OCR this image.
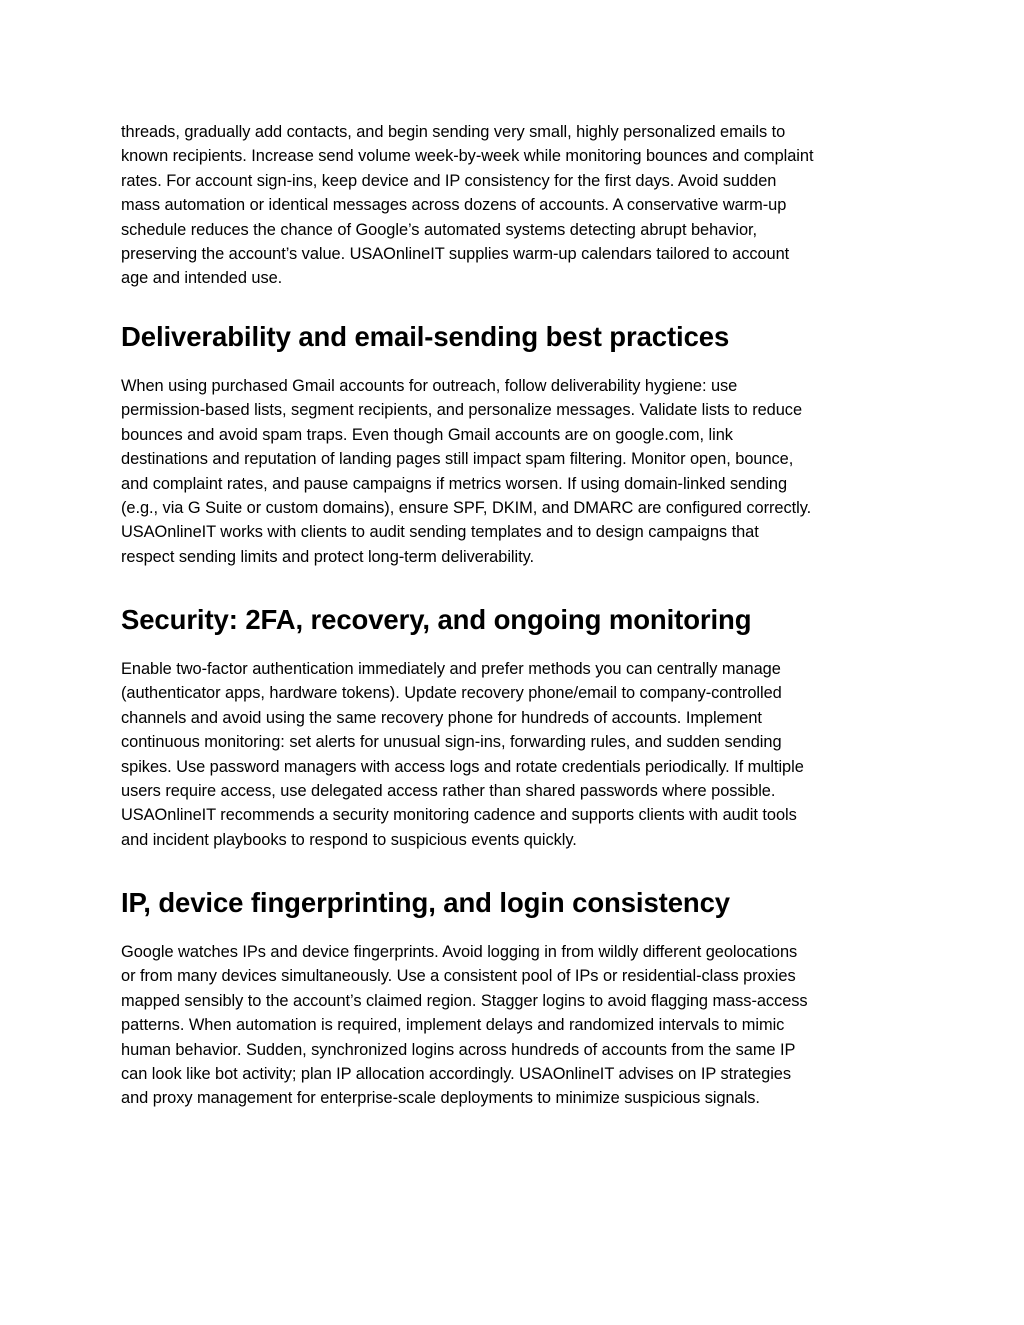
threads, gradually add contacts, and begin sending very small, highly personalized emails to
known recipients. Increase send volume week-by-week while monitoring bounces and complaint
rates. For account sign-ins, keep device and IP consistency for the first days. Avoid sudden
mass automation or identical messages across dozens of accounts. A conservative warm-up
schedule reduces the chance of Google’s automated systems detecting abrupt behavior,
preserving the account’s value. USAOnlineIT supplies warm-up calendars tailored to account
age and intended use.

Deliverability and email-sending best practices

When using purchased Gmail accounts for outreach, follow deliverability hygiene: use
permission-based lists, segment recipients, and personalize messages. Validate lists to reduce
bounces and avoid spam traps. Even though Gmail accounts are on google.com, link
destinations and reputation of landing pages still impact spam filtering. Monitor open, bounce,
and complaint rates, and pause campaigns if metrics worsen. If using domain-linked sending
(e.g., via G Suite or custom domains), ensure SPF, DKIM, and DMARC are configured correctly.
USAOnlineIT works with clients to audit sending templates and to design campaigns that
respect sending limits and protect long-term deliverability.

Security: 2FA, recovery, and ongoing monitoring

Enable two-factor authentication immediately and prefer methods you can centrally manage
(authenticator apps, hardware tokens). Update recovery phone/email to company-controlled
channels and avoid using the same recovery phone for hundreds of accounts. Implement
continuous monitoring: set alerts for unusual sign-ins, forwarding rules, and sudden sending
spikes. Use password managers with access logs and rotate credentials periodically. If multiple
users require access, use delegated access rather than shared passwords where possible.
USAOnlineIT recommends a security monitoring cadence and supports clients with audit tools
and incident playbooks to respond to suspicious events quickly.

IP, device fingerprinting, and login consistency

Google watches IPs and device fingerprints. Avoid logging in from wildly different geolocations
or from many devices simultaneously. Use a consistent pool of IPs or residential-class proxies
mapped sensibly to the account’s claimed region. Stagger logins to avoid flagging mass-access
patterns. When automation is required, implement delays and randomized intervals to mimic
human behavior. Sudden, synchronized logins across hundreds of accounts from the same IP
can look like bot activity; plan IP allocation accordingly. USAOnlineIT advises on IP strategies
and proxy management for enterprise-scale deployments to minimize suspicious signals.
